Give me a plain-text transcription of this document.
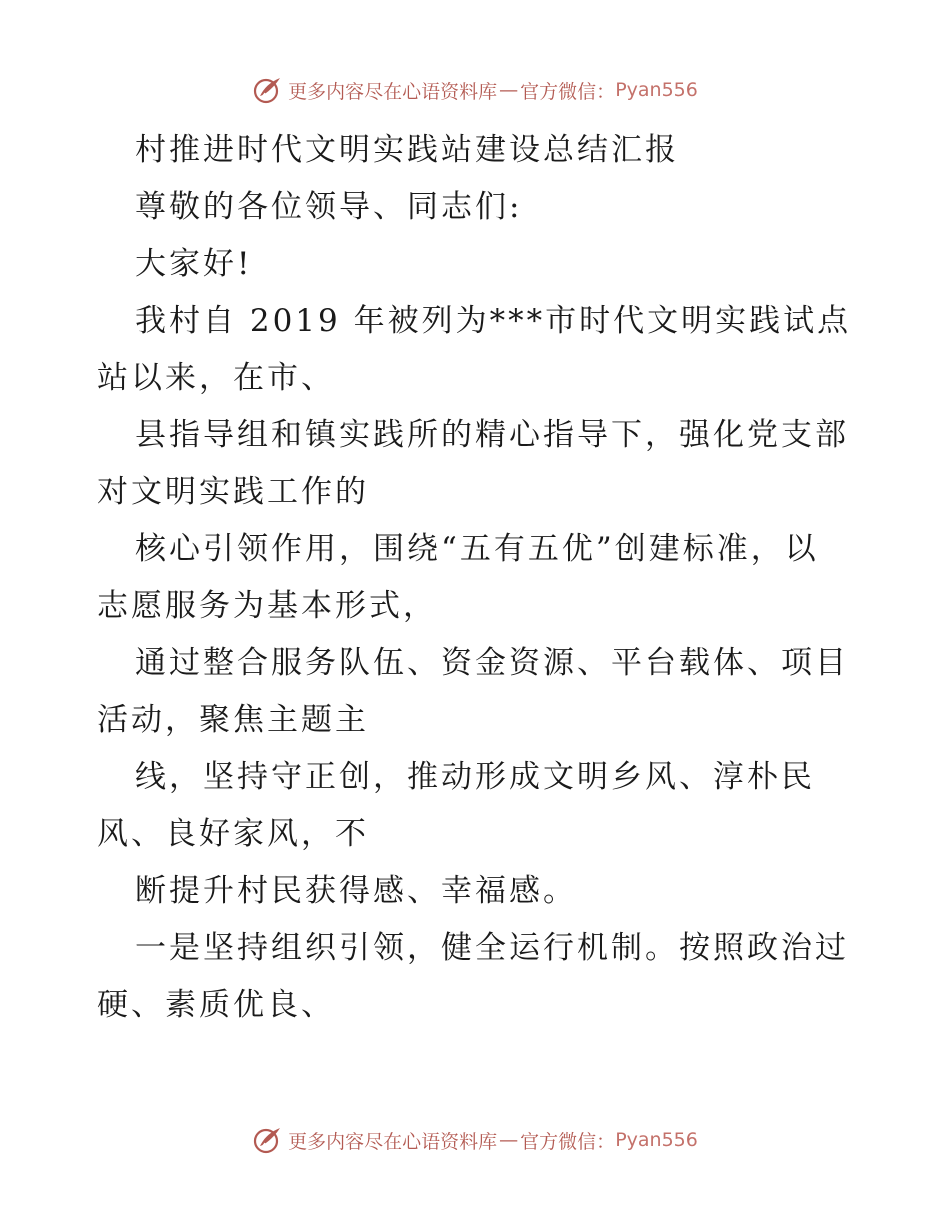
更多内容尽在心语资料库 — 官方微信： Pyan556
村推进时代文明实践站建设总结汇报
尊敬的各位领导、同志们:
大家好!
我村自 2019 年被列为***市时代文明实践试点
站以来，在市、
县指导组和镇实践所的精心指导下，强化党支部
对文明实践工作的
核心引领作用，围绕“五有五优”创建标准，以
志愿服务为基本形式，
通过整合服务队伍、资金资源、平台载体、项目
活动，聚焦主题主
线，坚持守正创，推动形成文明乡风、淳朴民
风、良好家风，不
断提升村民获得感、幸福感。
一是坚持组织引领，健全运行机制。按照政治过
硬、素质优良、
更多内容尽在心语资料库 — 官方微信： Pyan556
